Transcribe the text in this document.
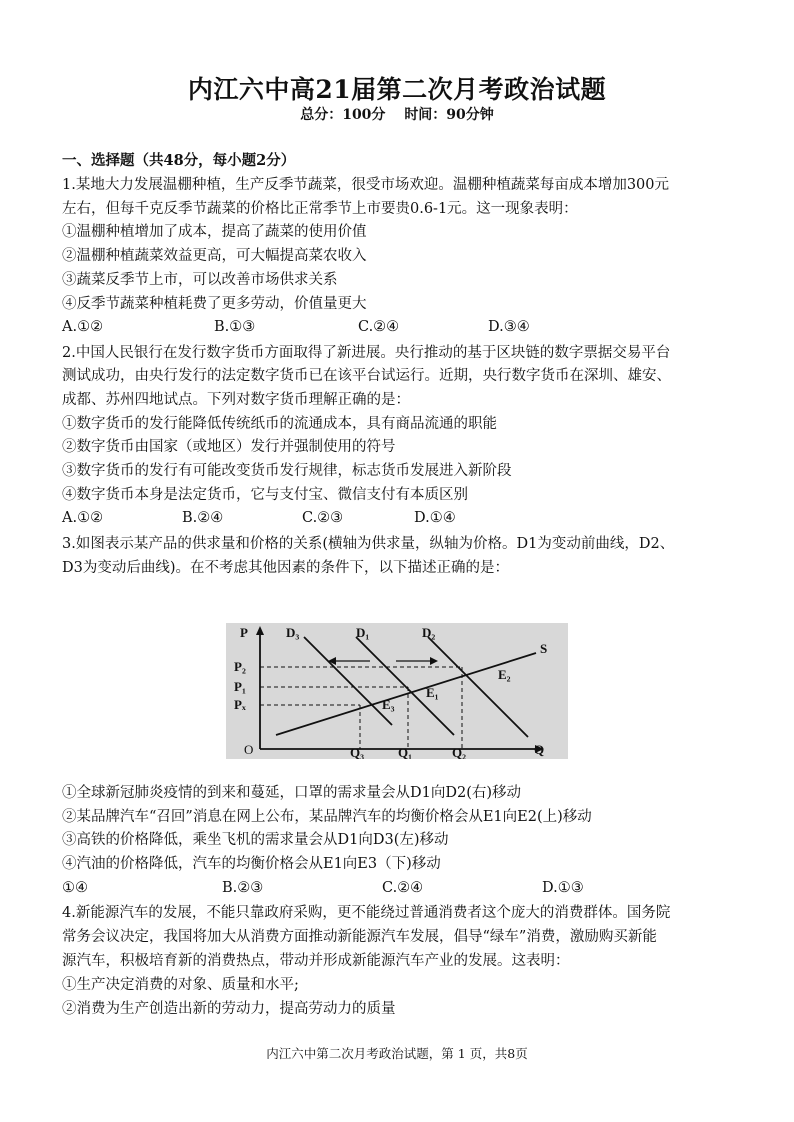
内江六中高21届第二次月考政治试题
总分：100分 时间：90分钟
一、选择题（共48分，每小题2分）
1.某地大力发展温棚种植，生产反季节蔬菜，很受市场欢迎。温棚种植蔬菜每亩成本增加300元
左右，但每千克反季节蔬菜的价格比正常季节上市要贵0.6-1元。这一现象表明：
①温棚种植增加了成本，提高了蔬菜的使用价值
②温棚种植蔬菜效益更高，可大幅提高菜农收入
③蔬菜反季节上市，可以改善市场供求关系
④反季节蔬菜种植耗费了更多劳动，价值量更大
A.①②	B.①③	C.②④	D.③④
2.中国人民银行在发行数字货币方面取得了新进展。央行推动的基于区块链的数字票据交易平台
测试成功，由央行发行的法定数字货币已在该平台试运行。近期，央行数字货币在深圳、雄安、
成都、苏州四地试点。下列对数字货币理解正确的是：
①数字货币的发行能降低传统纸币的流通成本，具有商品流通的职能
②数字货币由国家（或地区）发行并强制使用的符号
③数字货币的发行有可能改变货币发行规律，标志货币发展进入新阶段
④数字货币本身是法定货币，它与支付宝、微信支付有本质区别
A.①②	B.②④	C.②③	D.①④
3.如图表示某产品的供求量和价格的关系(横轴为供求量，纵轴为价格。D1为变动前曲线，D2、
D3为变动后曲线)。在不考虑其他因素的条件下，以下描述正确的是：
P
Q
O
D₃	D₁	D₂
S
P₂
P₁
Pₓ
E₂
E₁
E₃
Q₃	Q₁	Q₂
①全球新冠肺炎疫情的到来和蔓延，口罩的需求量会从D1向D2(右)移动
②某品牌汽车“召回”消息在网上公布，某品牌汽车的均衡价格会从E1向E2(上)移动
③高铁的价格降低，乘坐飞机的需求量会从D1向D3(左)移动
④汽油的价格降低，汽车的均衡价格会从E1向E3（下)移动
①④	B.②③	C.②④	D.①③
4.新能源汽车的发展，不能只靠政府采购，更不能绕过普通消费者这个庞大的消费群体。国务院
常务会议决定，我国将加大从消费方面推动新能源汽车发展，倡导“绿车”消费，激励购买新能
源汽车，积极培育新的消费热点，带动并形成新能源汽车产业的发展。这表明：
①生产决定消费的对象、质量和水平;
②消费为生产创造出新的劳动力，提高劳动力的质量
内江六中第二次月考政治试题，第 1 页，共8页
